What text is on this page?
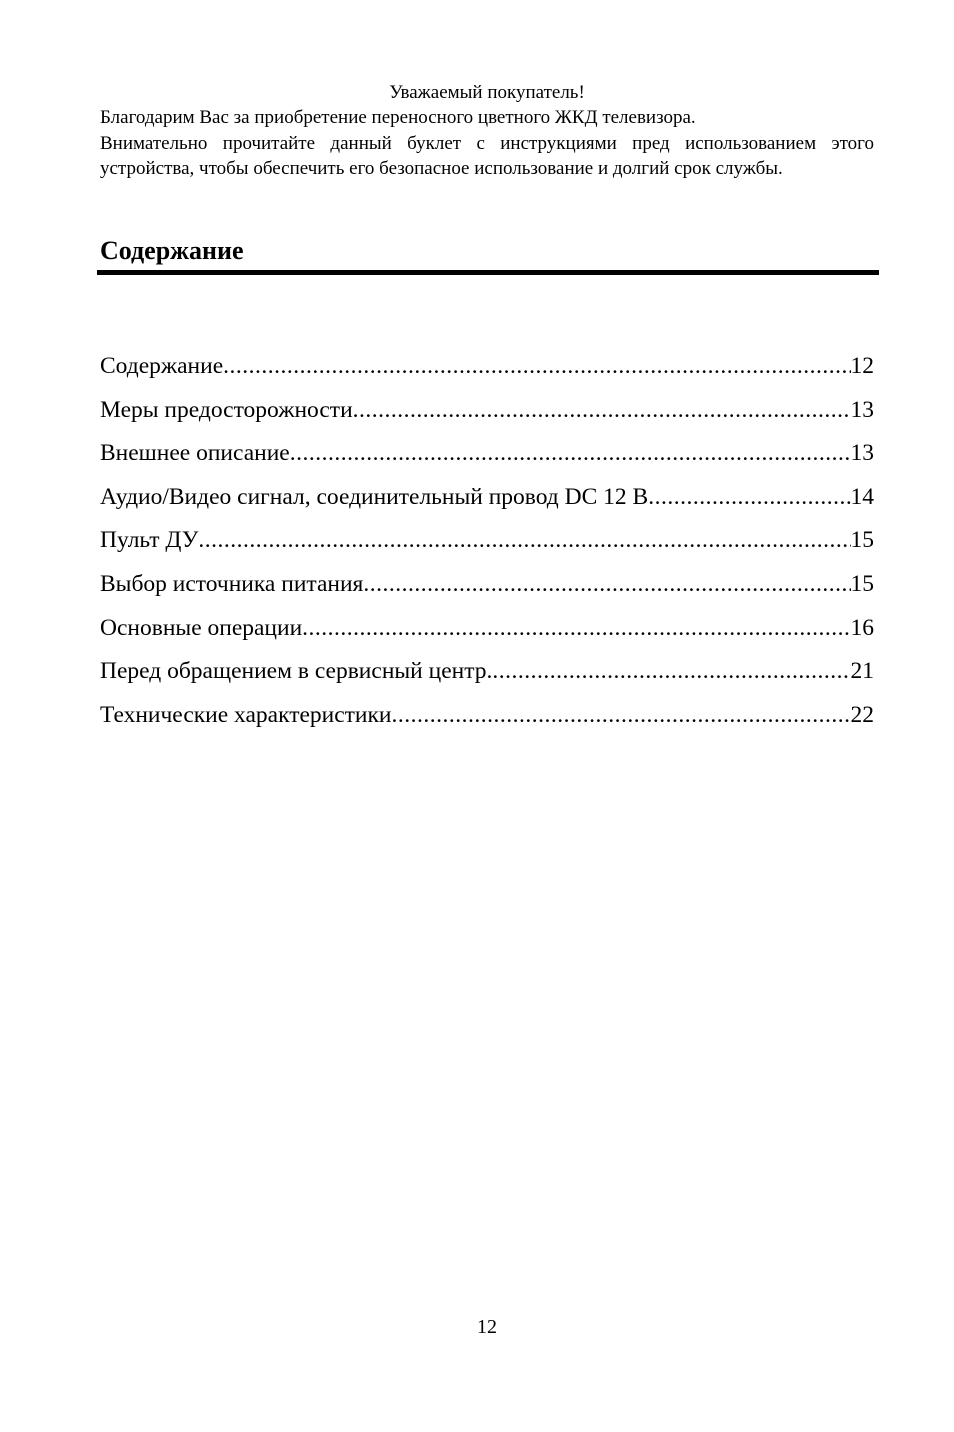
Уважаемый покупатель!

Благодарим Вас за приобретение переносного цветного ЖКД телевизора.

Внимательно прочитайте данный буклет с инструкциями пред использованием этого устройства, чтобы обеспечить его безопасное использование и долгий срок службы.

Содержание
Содержание .....	12
Меры предосторожности .....	13
Внешнее описание .....	13
Аудио/Видео сигнал, соединительный провод DC 12 В .....	14
Пульт ДУ .....	15
Выбор источника питания .....	15
Основные операции .....	16
Перед обращением в сервисный центр. .....	21
Технические характеристики .....	22
12
